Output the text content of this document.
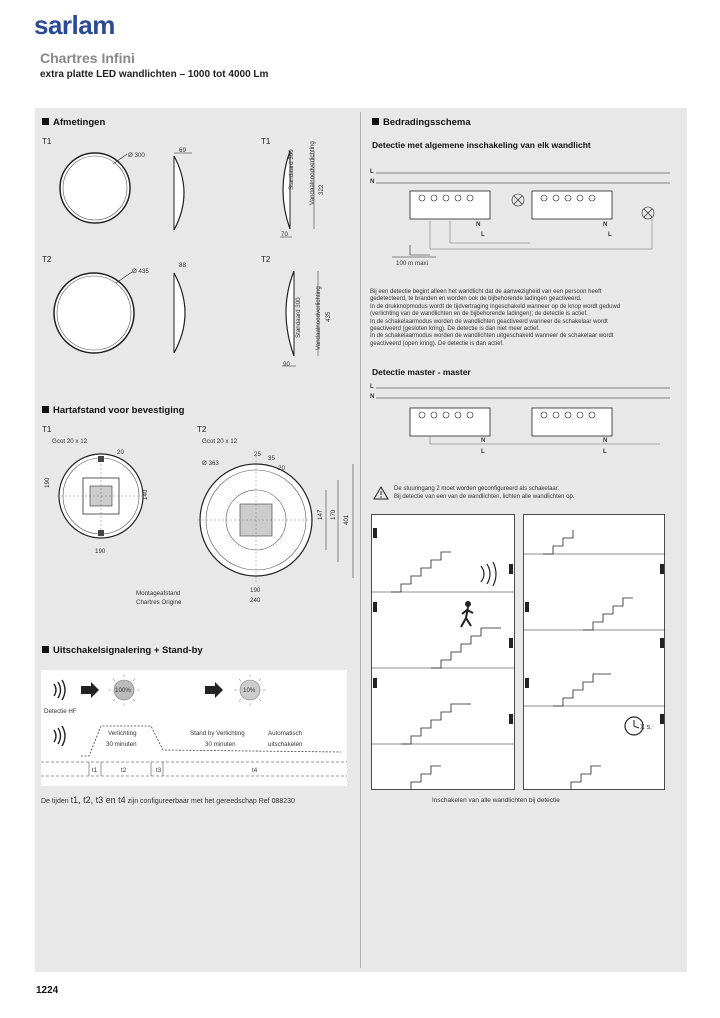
sarlam
Chartres Infini
extra platte LED wandlichten – 1000 tot 4000 Lm
Afmetingen
T1	T1
T2	T2
Ø 300
69	Standaard 300 Vandaalnoodverlichting 322
70
Ø 435
88
Standaard 300 Vandaalnoodverlichting 435
90
Hartafstand voor bevestiging
T1	T2
Gcot 20 x 12	Gcot 20 x 12
20
190
140
190
Ø 363
25
35
20
147 170 401
190
240
Montageafstand
Chartres Origine
Uitschakelsignalering + Stand-by
100%	10%
Detectie HF
Verlichting
30 minuten
Stand by Verlichting
30 minuten
Automatisch
uitschakelen
t1	t2	t3	t4
De tijden t1, t2, t3 en t4 zijn configureerbaar met het gereedschap Ref 088230
Bedradingsschema
Detectie met algemene inschakeling van elk wandlicht
L
N
N
L
N
L
100 m maxi
Bij een detectie begint alleen het wandlicht dat de aanwezigheid van een persoon heeft
gedetecteerd, te branden en worden ook de bijbehorende ladingen geactiveerd.
In de drukknopmodus wordt de tijdvertraging ingeschakeld wanneer op de knop wordt geduwd
(verlichting van de wandlichten en de bijbehorende ladingen); de detectie is actief.
In de schakelaarmodus worden de wandlichten geactiveerd wanneer de schakelaar wordt
geactiveerd (gesloten kring). De detectie is dan niet meer actief.
In de schakelaarmodus worden de wandlichten uitgeschakeld wanneer de schakelaar wordt
geactiveerd (open kring). De detectie is dan actief.
Detectie master - master
L
N
N
L
N
L
De stuuringang 2 moet worden geconfigureerd als schakelaar.
Bij detectie van een van de wandlichten, lichten alle wandlichten op.
X s.
Inschakelen van alle wandlichten bij detectie
1224
